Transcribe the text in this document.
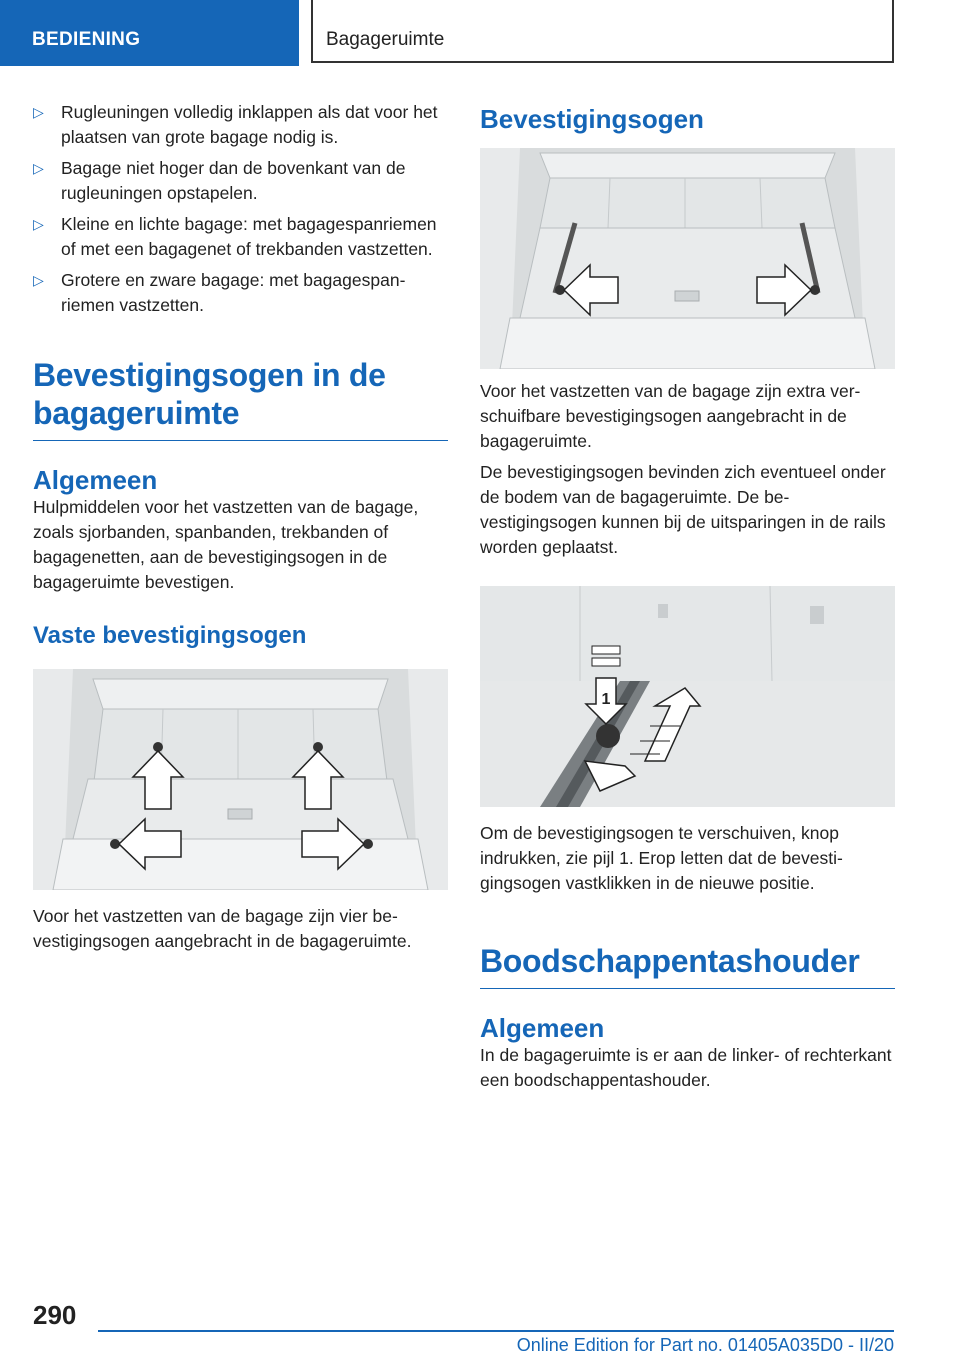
BEDIENING	Bagageruimte
▷ Rugleuningen volledig inklappen als dat voor het plaatsen van grote bagage nodig is.
▷ Bagage niet hoger dan de bovenkant van de rugleuningen opstapelen.
▷ Kleine en lichte bagage: met bagagespanriemen of met een bagagenet of trekbanden vastzetten.
▷ Grotere en zware bagage: met bagagespanriemen vastzetten.
Bevestigingsogen in de bagageruimte
Algemeen

Hulpmiddelen voor het vastzetten van de bagage, zoals sjorbanden, spanbanden, trekbanden of bagagenetten, aan de bevestigingsogen in de bagageruimte bevestigen.

Vaste bevestigingsogen

Voor het vastzetten van de bagage zijn vier bevestigingsogen aangebracht in de bagageruimte.

Bevestigingsogen

Voor het vastzetten van de bagage zijn extra verschuifbare bevestigingsogen aangebracht in de bagageruimte.

De bevestigingsogen bevinden zich eventueel onder de bodem van de bagageruimte. De bevestigingsogen kunnen bij de uitsparingen in de rails worden geplaatst.

1

Om de bevestigingsogen te verschuiven, knop indrukken, zie pijl 1. Erop letten dat de bevestigingsogen vastklikken in de nieuwe positie.

Boodschappentashouder
Algemeen

In de bagageruimte is er aan de linker- of rechterkant een boodschappentashouder.

290
Online Edition for Part no. 01405A035D0 - II/20
